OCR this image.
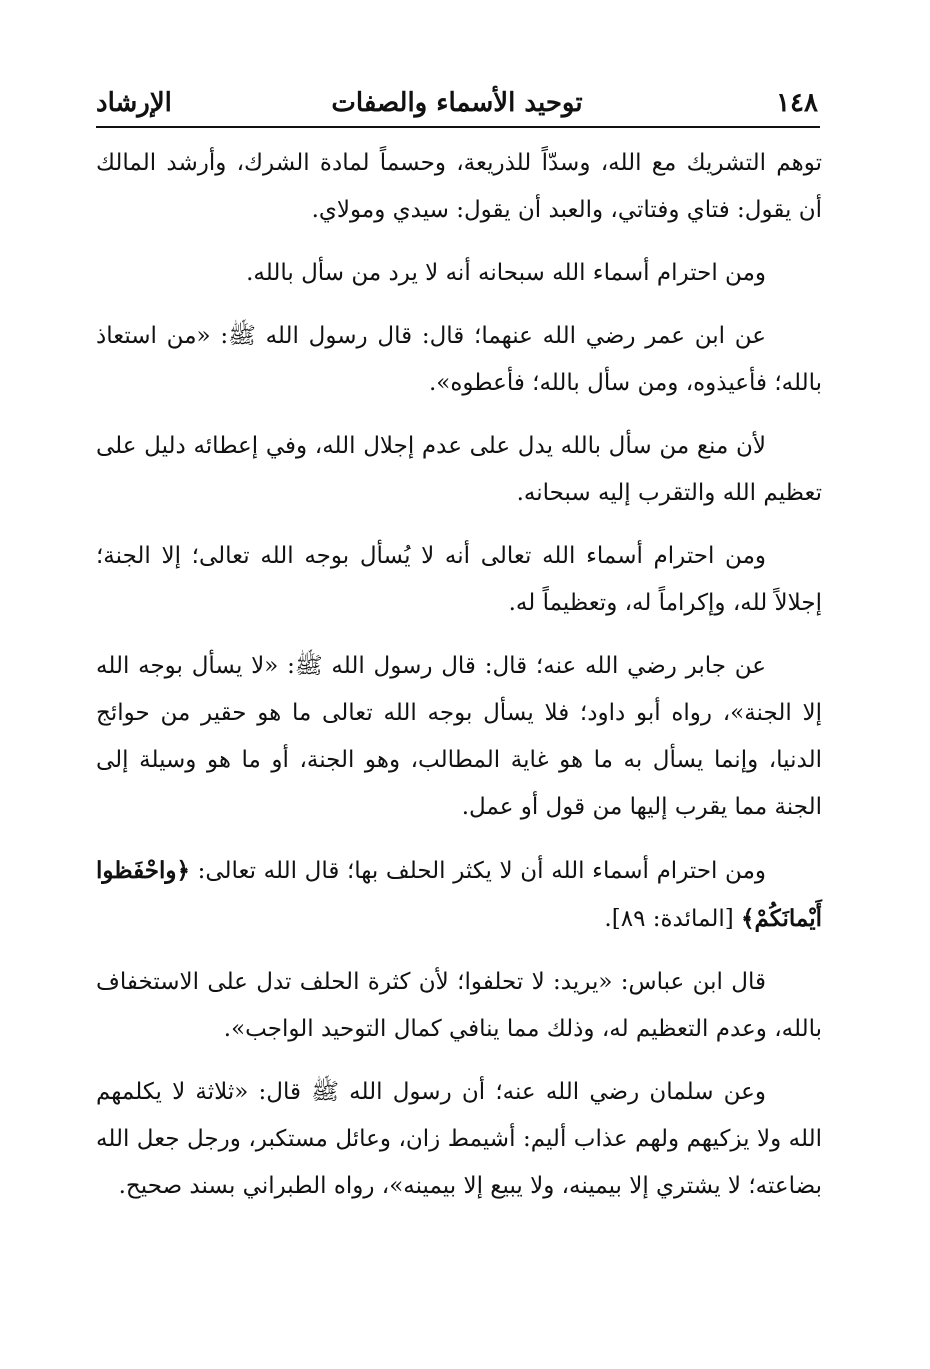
١٤٨
توحيد الأسماء والصفات
الإرشاد

توهم التشريك مع الله، وسدّاً للذريعة، وحسماً لمادة الشرك، وأرشد المالك أن يقول: فتاي وفتاتي، والعبد أن يقول: سيدي ومولاي.

ومن احترام أسماء الله سبحانه أنه لا يرد من سأل بالله.

عن ابن عمر رضي الله عنهما؛ قال: قال رسول الله ﷺ: «من استعاذ بالله؛ فأعيذوه، ومن سأل بالله؛ فأعطوه».

لأن منع من سأل بالله يدل على عدم إجلال الله، وفي إعطائه دليل على تعظيم الله والتقرب إليه سبحانه.

ومن احترام أسماء الله تعالى أنه لا يُسأل بوجه الله تعالى؛ إلا الجنة؛ إجلالاً لله، وإكراماً له، وتعظيماً له.

عن جابر رضي الله عنه؛ قال: قال رسول الله ﷺ: «لا يسأل بوجه الله إلا الجنة»، رواه أبو داود؛ فلا يسأل بوجه الله تعالى ما هو حقير من حوائج الدنيا، وإنما يسأل به ما هو غاية المطالب، وهو الجنة، أو ما هو وسيلة إلى الجنة مما يقرب إليها من قول أو عمل.

ومن احترام أسماء الله أن لا يكثر الحلف بها؛ قال الله تعالى: ﴿واحْفَظوا أَيْمانَكُمْ﴾ [المائدة: ٨٩].

قال ابن عباس: «يريد: لا تحلفوا؛ لأن كثرة الحلف تدل على الاستخفاف بالله، وعدم التعظيم له، وذلك مما ينافي كمال التوحيد الواجب».

وعن سلمان رضي الله عنه؛ أن رسول الله ﷺ قال: «ثلاثة لا يكلمهم الله ولا يزكيهم ولهم عذاب أليم: أشيمط زان، وعائل مستكبر، ورجل جعل الله بضاعته؛ لا يشتري إلا بيمينه، ولا يبيع إلا بيمينه»، رواه الطبراني بسند صحيح.
